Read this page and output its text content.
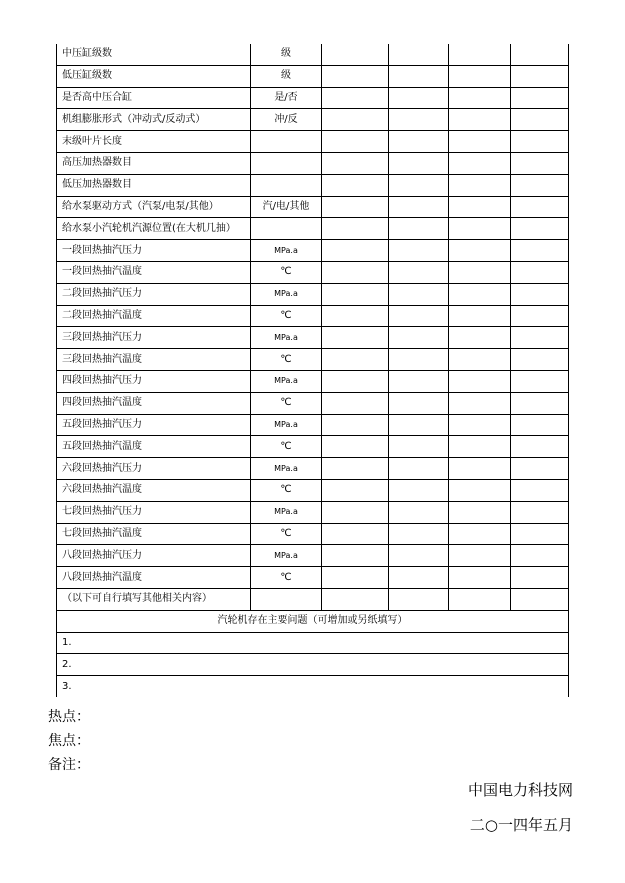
中压缸级数	级				
低压缸级数	级				
是否高中压合缸	是/否				
机组膨胀形式（冲动式/反动式）	冲/反				
末级叶片长度					
高压加热器数目					
低压加热器数目					
给水泵驱动方式（汽泵/电泵/其他）	汽/电/其他				
给水泵小汽轮机汽源位置(在大机几抽）					
一段回热抽汽压力	MPa.a				
一段回热抽汽温度	℃				
二段回热抽汽压力	MPa.a				
二段回热抽汽温度	℃				
三段回热抽汽压力	MPa.a				
三段回热抽汽温度	℃				
四段回热抽汽压力	MPa.a				
四段回热抽汽温度	℃				
五段回热抽汽压力	MPa.a				
五段回热抽汽温度	℃				
六段回热抽汽压力	MPa.a				
六段回热抽汽温度	℃				
七段回热抽汽压力	MPa.a				
七段回热抽汽温度	℃				
八段回热抽汽压力	MPa.a				
八段回热抽汽温度	℃				
（以下可自行填写其他相关内容）					
汽轮机存在主要问题（可增加或另纸填写）					
1.					
2.					
3.					
热点：
焦点：
备注：
中国电力科技网
二○一四年五月
